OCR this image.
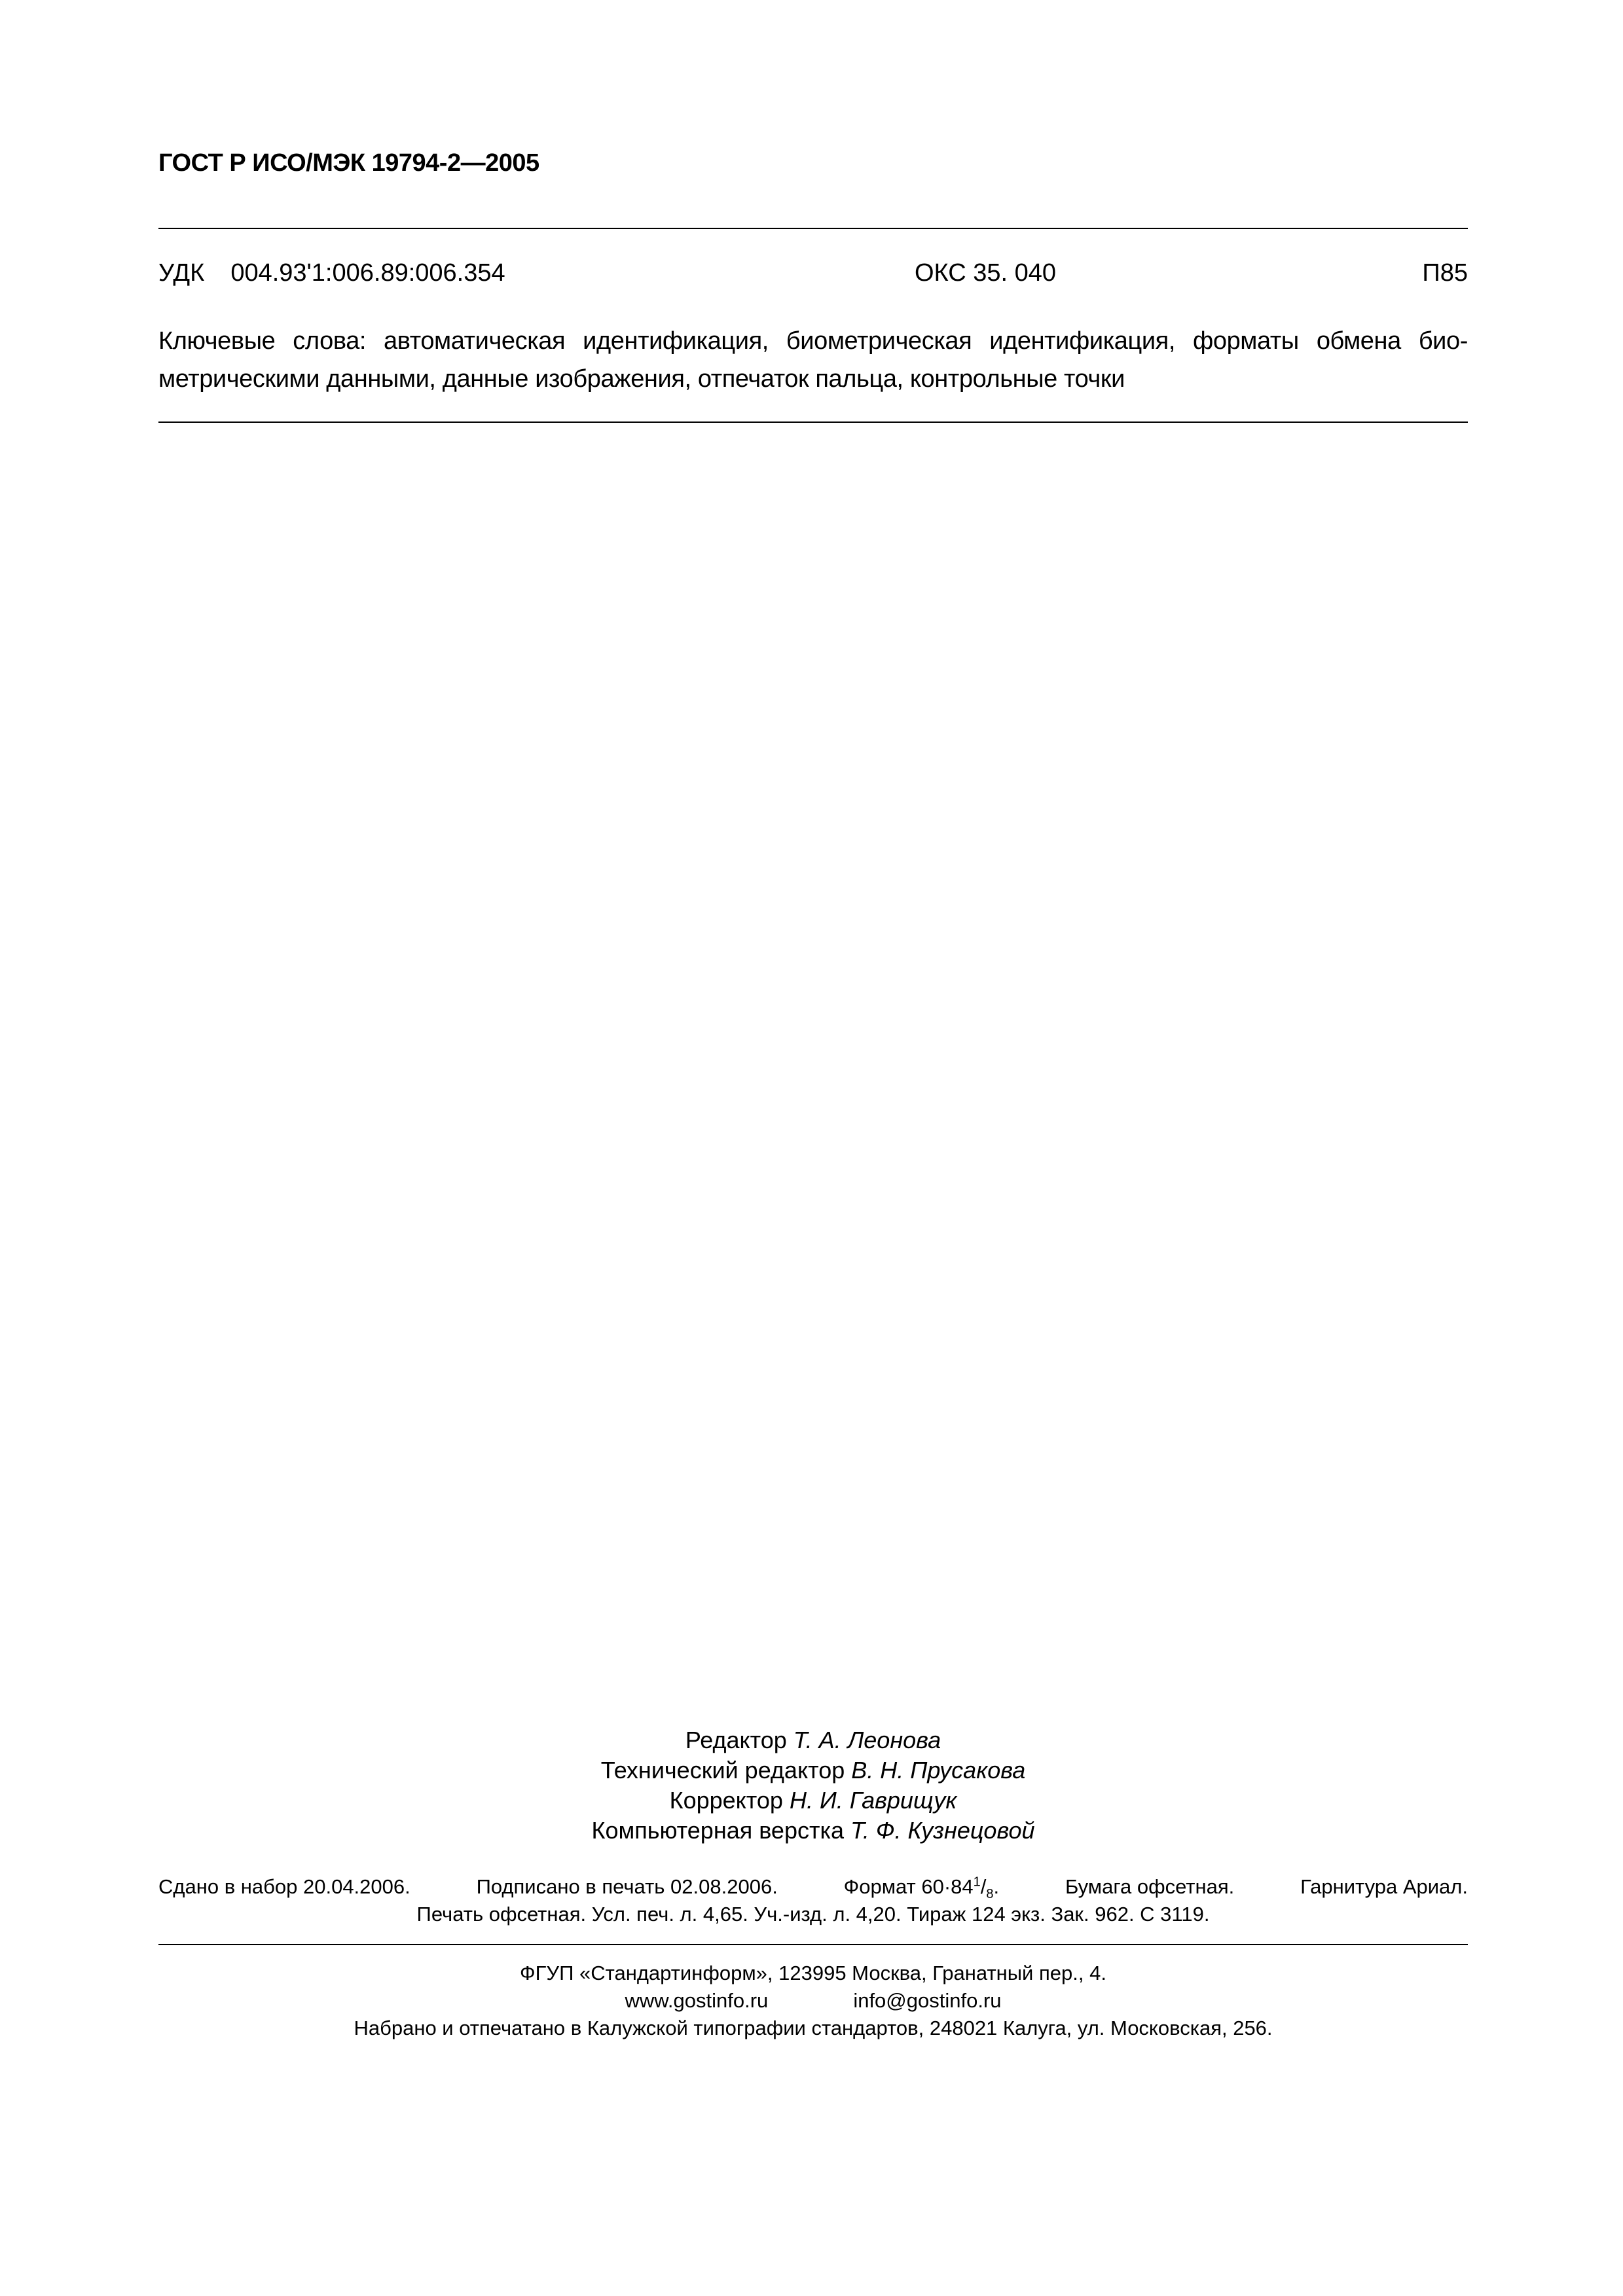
ГОСТ Р ИСО/МЭК 19794-2—2005
УДК 004.93'1:006.89:006.354	ОКС 35. 040	П85
Ключевые слова: автоматическая идентификация, биометрическая идентификация, форматы обмена био-метрическими данными, данные изображения, отпечаток пальца, контрольные точки
Редактор Т. А. Леонова
Технический редактор В. Н. Прусакова
Корректор Н. И. Гаврищук
Компьютерная верстка Т. Ф. Кузнецовой
Сдано в набор 20.04.2006.	Подписано в печать 02.08.2006.	Формат $60\cdot 84^1/_8$.	Бумага офсетная.	Гарнитура Ариал.
Печать офсетная. Усл. печ. л. 4,65. Уч.-изд. л. 4,20. Тираж 124 экз. Зак. 962. С 3119.
ФГУП «Стандартинформ», 123995 Москва, Гранатный пер., 4.
www.gostinfo.ru	info@gostinfo.ru
Набрано и отпечатано в Калужской типографии стандартов, 248021 Калуга, ул. Московская, 256.
